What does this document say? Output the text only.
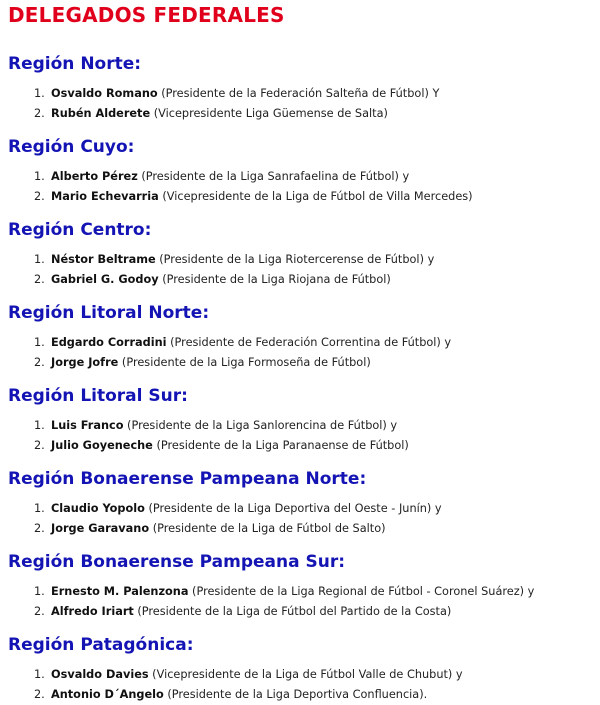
DELEGADOS FEDERALES
Región Norte:
1. Osvaldo Romano (Presidente de la Federación Salteña de Fútbol) Y
2. Rubén Alderete (Vicepresidente Liga Güemense de Salta)
Región Cuyo:
1. Alberto Pérez (Presidente de la Liga Sanrafaelina de Fútbol) y
2. Mario Echevarria (Vicepresidente de la Liga de Fútbol de Villa Mercedes)
Región Centro:
1. Néstor Beltrame (Presidente de la Liga Riotercerense de Fútbol) y
2. Gabriel G. Godoy (Presidente de la Liga Riojana de Fútbol)
Región Litoral Norte:
1. Edgardo Corradini (Presidente de Federación Correntina de Fútbol) y
2. Jorge Jofre (Presidente de la Liga Formoseña de Fútbol)
Región Litoral Sur:
1. Luis Franco (Presidente de la Liga Sanlorencina de Fútbol) y
2. Julio Goyeneche (Presidente de la Liga Paranaense de Fútbol)
Región Bonaerense Pampeana Norte:
1. Claudio Yopolo (Presidente de la Liga Deportiva del Oeste - Junín) y
2. Jorge Garavano (Presidente de la Liga de Fútbol de Salto)
Región Bonaerense Pampeana Sur:
1. Ernesto M. Palenzona (Presidente de la Liga Regional de Fútbol - Coronel Suárez) y
2. Alfredo Iriart (Presidente de la Liga de Fútbol del Partido de la Costa)
Región Patagónica:
1. Osvaldo Davies (Vicepresidente de la Liga de Fútbol Valle de Chubut) y
2. Antonio D´Angelo (Presidente de la Liga Deportiva Confluencia).
